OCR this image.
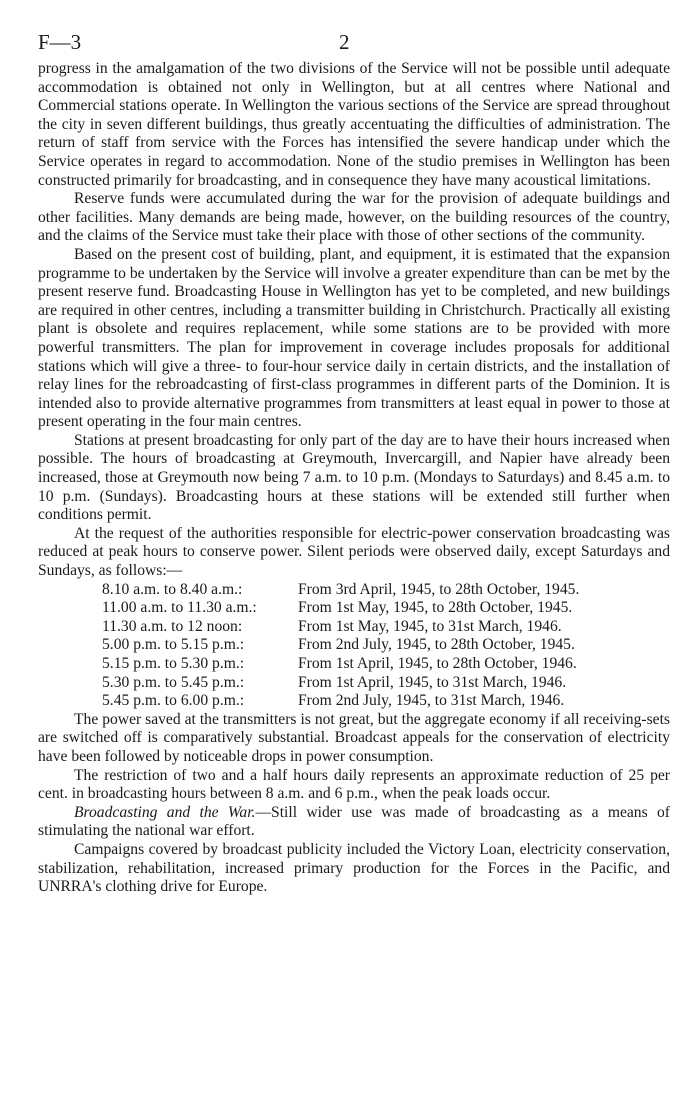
F—3	2

progress in the amalgamation of the two divisions of the Service will not be possible until adequate accommodation is obtained not only in Wellington, but at all centres where National and Commercial stations operate. In Wellington the various sections of the Service are spread throughout the city in seven different buildings, thus greatly accentuating the difficulties of administration. The return of staff from service with the Forces has intensified the severe handicap under which the Service operates in regard to accommodation. None of the studio premises in Wellington has been constructed primarily for broadcasting, and in consequence they have many acoustical limitations.

Reserve funds were accumulated during the war for the provision of adequate buildings and other facilities. Many demands are being made, however, on the building resources of the country, and the claims of the Service must take their place with those of other sections of the community.

Based on the present cost of building, plant, and equipment, it is estimated that the expansion programme to be undertaken by the Service will involve a greater expenditure than can be met by the present reserve fund. Broadcasting House in Wellington has yet to be completed, and new buildings are required in other centres, including a transmitter building in Christchurch. Practically all existing plant is obsolete and requires replacement, while some stations are to be provided with more powerful transmitters. The plan for improvement in coverage includes proposals for additional stations which will give a three- to four-hour service daily in certain districts, and the installation of relay lines for the rebroadcasting of first-class programmes in different parts of the Dominion. It is intended also to provide alternative programmes from transmitters at least equal in power to those at present operating in the four main centres.

Stations at present broadcasting for only part of the day are to have their hours increased when possible. The hours of broadcasting at Greymouth, Invercargill, and Napier have already been increased, those at Greymouth now being 7 a.m. to 10 p.m. (Mondays to Saturdays) and 8.45 a.m. to 10 p.m. (Sundays). Broadcasting hours at these stations will be extended still further when conditions permit.

At the request of the authorities responsible for electric-power conservation broadcasting was reduced at peak hours to conserve power. Silent periods were observed daily, except Saturdays and Sundays, as follows:—

8.10 a.m. to 8.40 a.m.:	From 3rd April, 1945, to 28th October, 1945.
11.00 a.m. to 11.30 a.m.:	From 1st May, 1945, to 28th October, 1945.
11.30 a.m. to 12 noon:	From 1st May, 1945, to 31st March, 1946.
5.00 p.m. to 5.15 p.m.:	From 2nd July, 1945, to 28th October, 1945.
5.15 p.m. to 5.30 p.m.:	From 1st April, 1945, to 28th October, 1946.
5.30 p.m. to 5.45 p.m.:	From 1st April, 1945, to 31st March, 1946.
5.45 p.m. to 6.00 p.m.:	From 2nd July, 1945, to 31st March, 1946.

The power saved at the transmitters is not great, but the aggregate economy if all receiving-sets are switched off is comparatively substantial. Broadcast appeals for the conservation of electricity have been followed by noticeable drops in power consumption.

The restriction of two and a half hours daily represents an approximate reduction of 25 per cent. in broadcasting hours between 8 a.m. and 6 p.m., when the peak loads occur.

Broadcasting and the War.—Still wider use was made of broadcasting as a means of stimulating the national war effort.

Campaigns covered by broadcast publicity included the Victory Loan, electricity conservation, stabilization, rehabilitation, increased primary production for the Forces in the Pacific, and UNRRA's clothing drive for Europe.
